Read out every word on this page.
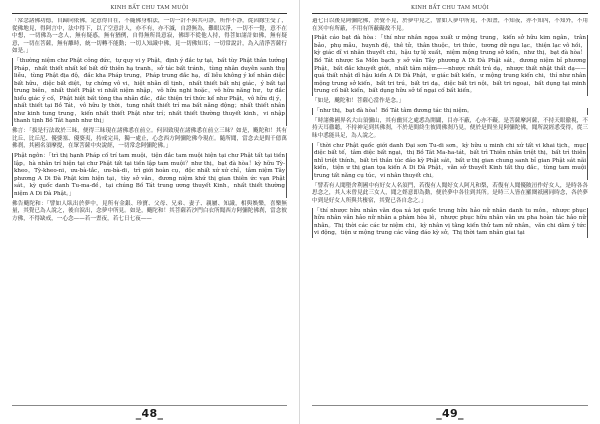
KINH BẤT CHU TAM MUỘI

「常念諸佛功德，自歸向依佛，定意得自在，不隨佛身相法，一切一計不與共可諍，所作不諍，從因緣生受了，從佛地見，得阿言中，法中得下，以了空意計人，亦不有，亦不滅，自證無為，難眼以淨，一切不一覺，意不在中想，一切佛為一念人，無有疑惑，無有猶例，自得無所畏意寂，佛即不從他人持，得菩如諸計如佛，無有疑意，一切在菩薩，無有離時，統一切轉不能動；一切人知識中佛，見一切佛知耳；一切常說計，為入清淨菩薩行如是。」

「thường niệm chư Phật công đức，tự quy vi y Phật，định ý đắc tự tại，bất tùy Phật thân tướng Pháp，nhất thiết nhất kế bất dữ thiên hạ tranh，sở tác bất tránh，tùng nhân duyên sanh thụ liễu，tùng Phật địa độ，đắc kha Pháp trung，Pháp trung đắc hạ，dĩ liễu không ý kế nhân diệc bất hữu，diệc bất diệt，tự chứng vô vi，hiệt nhãn dĩ tịnh，nhất thiết bất nhị giác，ý bất tại trung biên，nhất thiết Phật vi nhất niệm nhập，vô hữu nghi hoặc，vô hữu năng hư，tự đắc hiểu giác ý cố，Phật hiệt bất tòng tha nhân đắc，đắc thiện trí thức kế như Phật，vô hữu dị ý，nhất thiết tại Bồ Tát，vô hữu ly thời，tung nhất thiết trí ma bất năng động；nhất thiết nhân như kinh tung trung，kiến nhất thiết Phật như trí；nhất thiết thường thuyết kinh，vi nhập thanh tịnh Bồ Tát hạnh như thị」

佛言：「拔是行法故於三昧，便得三昧現在諸佛悉在前立。何因致現在諸佛悉在前立三昧？如是，颰陀和！其有比丘、比丘尼、優婆塞、優婆夷，持戒完具，獨一處止，心念西方阿彌陀佛今現在。隨所聞，當念去是間千億萬佛刹，其國名須摩提，在眾菩薩中央說經，一切常念阿彌陀佛。」

Phật ngôn：「trì thị hạnh Pháp cố trí tam muội，tiện đắc tam muội hiện tại chư Phật tất tại tiền lập。hà nhân trí hiện tại chư Phật tất tại tiền lập tam muội？như thị，bạt đà hòa！kỳ hữu Tỳ-kheo，Tỳ-kheo-ni，ưu-bà-tắc，ưu-bà-di，trì giới hoàn cụ，độc nhất xứ xứ chỉ，tâm niệm Tây phương A Di Đà Phật kim hiện tại，tùy sở văn，đương niệm khứ thị gian thiên ức vạn Phật sát，kỳ quốc danh Tu-ma-đề，tại chúng Bồ Tát trung ương thuyết Kinh，nhất thiết thường niệm A Di Đà Phật。」

佛告颰陀和：「譬如人臥出於夢中，見所有金銀、珍寶、父母、兄弟、妻子、親屬、知識，相與娛樂，喜樂無量，其覺已為人說之，後自淚出，念夢中所見。如是，颰陀和！其菩薩若沙門白衣所聞西方阿彌陀佛刹，當念彼方佛，不得缺戒，一心念——若一晝夜，若七日七夜——

_48_
KINH BẤT CHU TAM MUỘI

過七日以後見阿彌陀佛，於覺不見，於夢中見之，譬如人夢中所見，不知晝，不知夜，亦不知內，不知外，不用在冥中有所蔽，不用有所蔽礙故不見。

Phật cáo bạt đà hòa：「thí như nhân ngọa xuất ư mộng trung，kiến sở hữu kim ngân，trân bảo，phụ mẫu，huynh đệ，thê tử，thân thuộc，tri thức，tương dữ ngu lạc，thiện lạc vô hồi，kỳ giác dĩ vi nhân thuyết chi，hậu tự lệ xuất，niệm mộng trung sở kiến，như thị，bạt đà hòa！Bồ Tát nhược Sa Môn bạch y sở văn Tây phương A Di Đà Phật sát，đương niệm bỉ phương Phật，bất đắc khuyết giới，nhất tâm niệm——nhược nhất trú dạ，nhược thất nhật thất dạ——quá thất nhật dĩ hậu kiến A Di Đà Phật，ư giác bất kiến，ư mộng trung kiến chi，thí như nhân mộng trung sở kiến，bất tri trú，bất tri dạ，diệc bất tri nội，bất tri ngoại，bất dụng tại minh trung cố bất kiến，bất dụng hữu sở tế ngại cố bất kiến。

「如是，颰陀和！菩薩心當作是念。」

「như thị，bạt đà hòa！Bồ Tát tâm đương tác thị niệm。

「時諸佛國界名大山須彌山，其有幽冥之處悉為開闢，目亦不蔽，心亦不礙。是菩薩摩訶薩，不持天眼徹視，不持天耳徹聽，不持神足到其佛刹，不於是間終生彼間佛刹乃見，便於是間坐見阿彌陀佛，聞所說經悉受得，從三昧中悉能具足，為人說之。

「thời chư Phật quốc giới danh Đại sơn Tu-di sơn，kỳ hữu u minh chi xứ tất vi khai tịch，mục diệc bất tế，tâm diệc bất ngại，thị Bồ Tát Ma-ha-tát，bất trì Thiên nhãn triệt thị，bất trì thiên nhĩ triệt thính，bất trì thần túc đáo kỳ Phật sát，bất ư thị gian chung sanh bỉ gian Phật sát nãi kiến，tiện ư thị gian tọa kiến A Di Đà Phật，văn sở thuyết Kinh tất thụ đắc，tùng tam muội trung tất năng cụ túc，vi nhân thuyết chi。

「譬若有人聞墮舍利國中有好女人名須門，若復有人聞好女人阿凡和梨，若復有人聞優陂洹作好女人，是時各各思念之，其人未曾見此三女人，聞之婬意即為動，便於夢中各往到其所。是時三人皆在羅閱祇國同時念，各於夢中到是好女人所與共棲宿，其覺已各自念之。」

「thí nhược hữu nhân văn đọa xá lợi quốc trung hữu hảo nữ nhân danh tu môn，nhược phục hữu nhân văn hảo nữ nhân a phàm hòa lê，nhược phục hữu nhân văn ưu pha hoàn tác hảo nữ nhân。Thị thời các các tư niệm chi，kỳ nhân vị tằng kiến thử tam nữ nhân，văn chi dâm ý tức vi động，tiện ư mộng trung các vãng đáo kỳ sở。Thị thời tam nhân giai tại

_49_
